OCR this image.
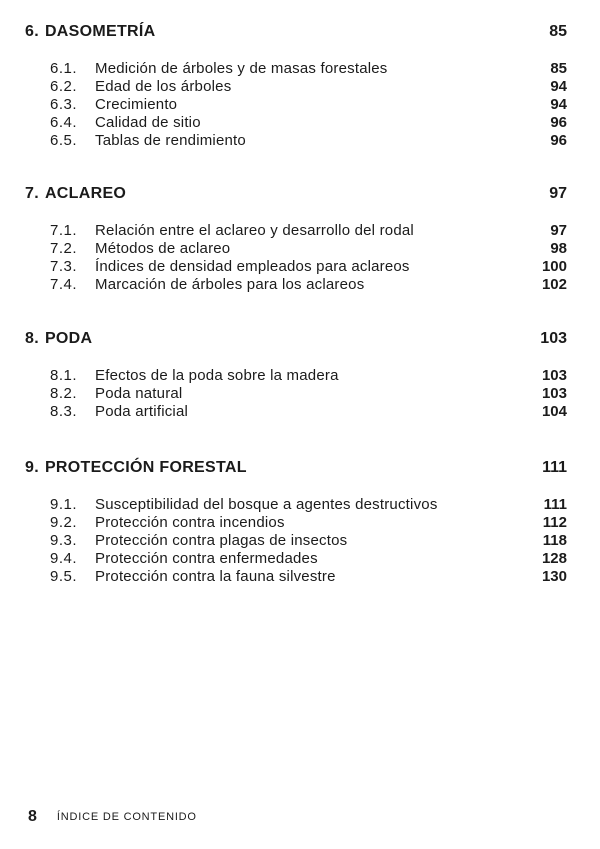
6. DASOMETRÍA	85
6.1. Medición de árboles y de masas forestales	85
6.2. Edad de los árboles	94
6.3. Crecimiento	94
6.4. Calidad de sitio	96
6.5. Tablas de rendimiento	96
7. ACLAREO	97
7.1. Relación entre el aclareo y desarrollo del rodal	97
7.2. Métodos de aclareo	98
7.3. Índices de densidad empleados para aclareos	100
7.4. Marcación de árboles para los aclareos	102
8. PODA	103
8.1. Efectos de la poda sobre la madera	103
8.2. Poda natural	103
8.3. Poda artificial	104
9. PROTECCIÓN FORESTAL	111
9.1. Susceptibilidad del bosque a agentes destructivos	111
9.2. Protección contra incendios	112
9.3. Protección contra plagas de insectos	118
9.4. Protección contra enfermedades	128
9.5. Protección contra la fauna silvestre	130
8 ÍNDICE DE CONTENIDO
